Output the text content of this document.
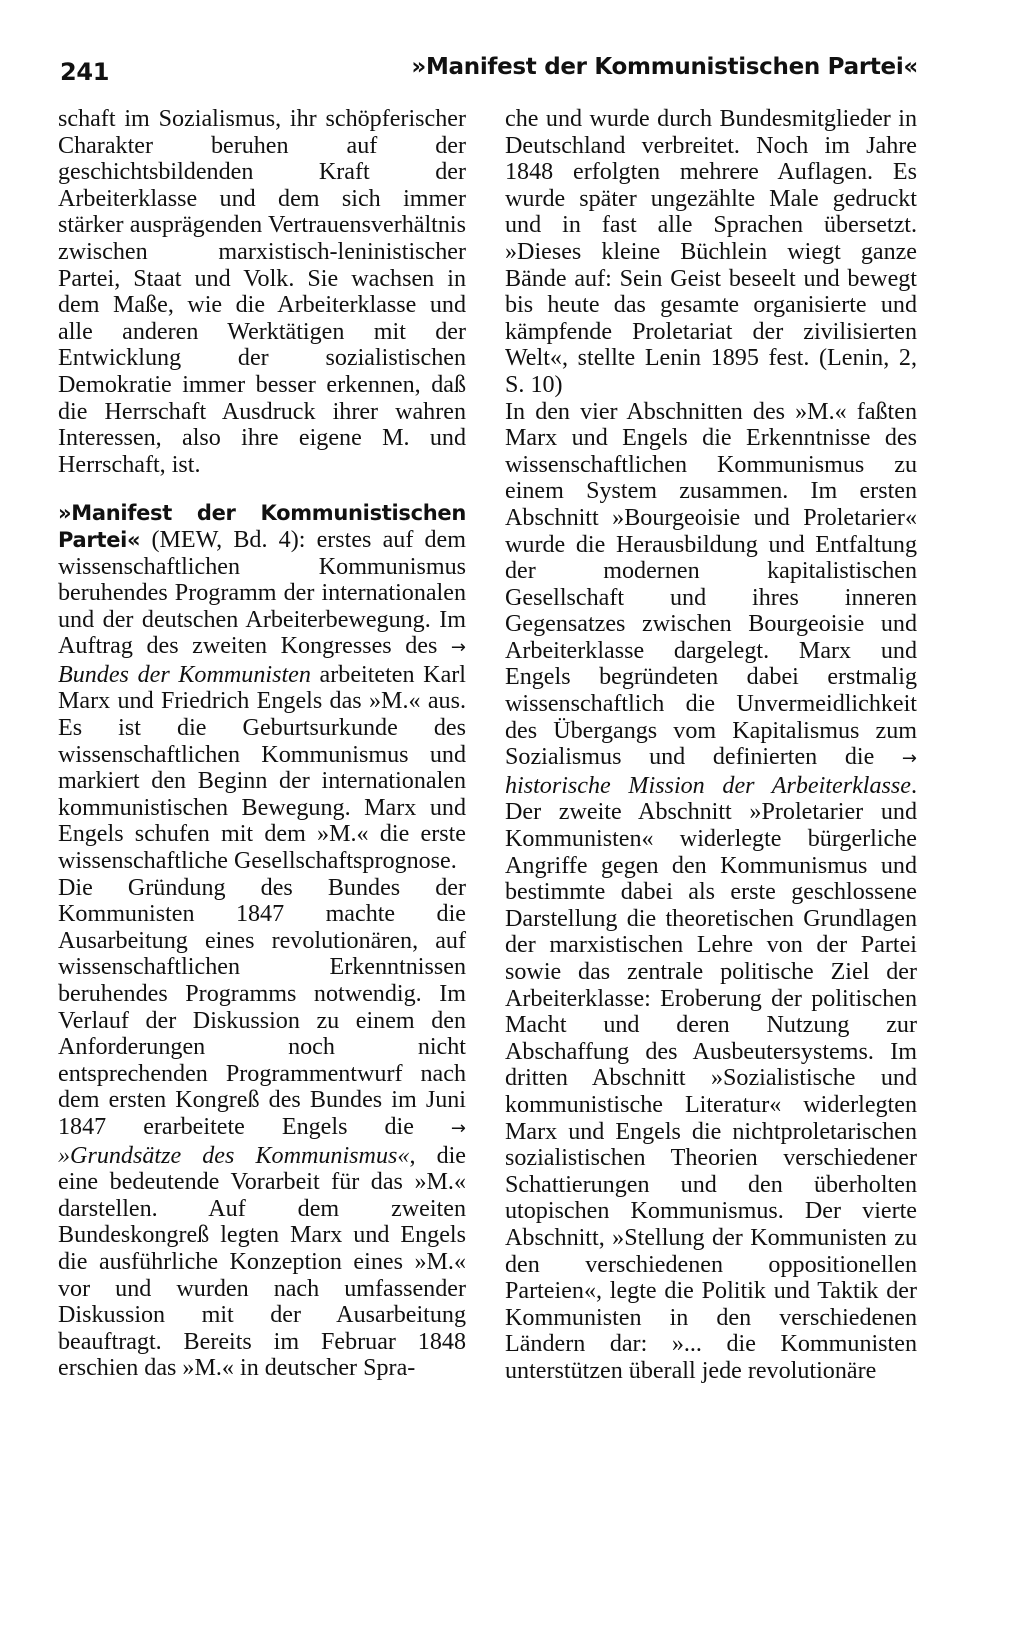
241	»Manifest der Kommunistischen Partei«

schaft im Sozialismus, ihr schöpferischer Charakter beruhen auf der geschichtsbildenden Kraft der Arbeiterklasse und dem sich immer stärker ausprägenden Vertrauensverhältnis zwischen marxistisch-leninistischer Partei, Staat und Volk. Sie wachsen in dem Maße, wie die Arbeiterklasse und alle anderen Werktätigen mit der Entwicklung der sozialistischen Demokratie immer besser erkennen, daß die Herrschaft Ausdruck ihrer wahren Interessen, also ihre eigene M. und Herrschaft, ist.

»Manifest der Kommunistischen Partei« (MEW, Bd. 4): erstes auf dem wissenschaftlichen Kommunismus beruhendes Programm der internationalen und der deutschen Arbeiterbewegung. Im Auftrag des zweiten Kongresses des → Bundes der Kommunisten arbeiteten Karl Marx und Friedrich Engels das »M.« aus. Es ist die Geburtsurkunde des wissenschaftlichen Kommunismus und markiert den Beginn der internationalen kommunistischen Bewegung. Marx und Engels schufen mit dem »M.« die erste wissenschaftliche Gesellschaftsprognose.

Die Gründung des Bundes der Kommunisten 1847 machte die Ausarbeitung eines revolutionären, auf wissenschaftlichen Erkenntnissen beruhendes Programms notwendig. Im Verlauf der Diskussion zu einem den Anforderungen noch nicht entsprechenden Programmentwurf nach dem ersten Kongreß des Bundes im Juni 1847 erarbeitete Engels die → »Grundsätze des Kommunismus«, die eine bedeutende Vorarbeit für das »M.« darstellen. Auf dem zweiten Bundeskongreß legten Marx und Engels die ausführliche Konzeption eines »M.« vor und wurden nach umfassender Diskussion mit der Ausarbeitung beauftragt. Bereits im Februar 1848 erschien das »M.« in deutscher Spra-

che und wurde durch Bundesmitglieder in Deutschland verbreitet. Noch im Jahre 1848 erfolgten mehrere Auflagen. Es wurde später ungezählte Male gedruckt und in fast alle Sprachen übersetzt. »Dieses kleine Büchlein wiegt ganze Bände auf: Sein Geist beseelt und bewegt bis heute das gesamte organisierte und kämpfende Proletariat der zivilisierten Welt«, stellte Lenin 1895 fest. (Lenin, 2, S. 10)

In den vier Abschnitten des »M.« faßten Marx und Engels die Erkenntnisse des wissenschaftlichen Kommunismus zu einem System zusammen. Im ersten Abschnitt »Bourgeoisie und Proletarier« wurde die Herausbildung und Entfaltung der modernen kapitalistischen Gesellschaft und ihres inneren Gegensatzes zwischen Bourgeoisie und Arbeiterklasse dargelegt. Marx und Engels begründeten dabei erstmalig wissenschaftlich die Unvermeidlichkeit des Übergangs vom Kapitalismus zum Sozialismus und definierten die → historische Mission der Arbeiterklasse. Der zweite Abschnitt »Proletarier und Kommunisten« widerlegte bürgerliche Angriffe gegen den Kommunismus und bestimmte dabei als erste geschlossene Darstellung die theoretischen Grundlagen der marxistischen Lehre von der Partei sowie das zentrale politische Ziel der Arbeiterklasse: Eroberung der politischen Macht und deren Nutzung zur Abschaffung des Ausbeutersystems. Im dritten Abschnitt »Sozialistische und kommunistische Literatur« widerlegten Marx und Engels die nichtproletarischen sozialistischen Theorien verschiedener Schattierungen und den überholten utopischen Kommunismus. Der vierte Abschnitt, »Stellung der Kommunisten zu den verschiedenen oppositionellen Parteien«, legte die Politik und Taktik der Kommunisten in den verschiedenen Ländern dar: »... die Kommunisten unterstützen überall jede revolutionäre
